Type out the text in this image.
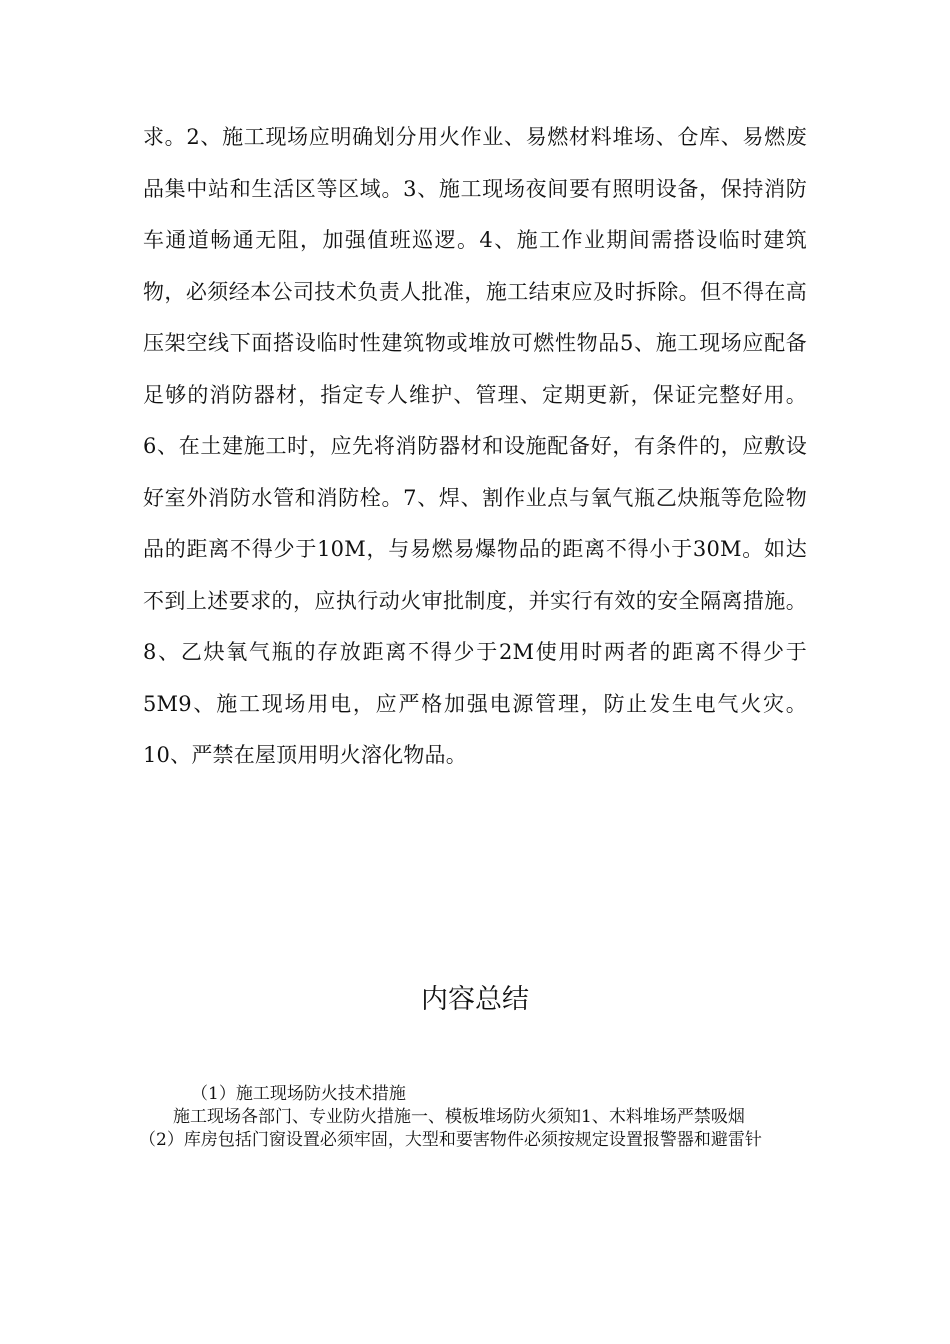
求。2、施工现场应明确划分用火作业、易燃材料堆场、仓库、易燃废品集中站和生活区等区域。3、施工现场夜间要有照明设备，保持消防车通道畅通无阻，加强值班巡逻。4、施工作业期间需搭设临时建筑物，必须经本公司技术负责人批准，施工结束应及时拆除。但不得在高压架空线下面搭设临时性建筑物或堆放可燃性物品5、施工现场应配备足够的消防器材，指定专人维护、管理、定期更新，保证完整好用。6、在土建施工时，应先将消防器材和设施配备好，有条件的，应敷设好室外消防水管和消防栓。7、焊、割作业点与氧气瓶乙炔瓶等危险物品的距离不得少于10M，与易燃易爆物品的距离不得小于30M。如达不到上述要求的，应执行动火审批制度，并实行有效的安全隔离措施。8、乙炔氧气瓶的存放距离不得少于2M使用时两者的距离不得少于5M9、施工现场用电，应严格加强电源管理，防止发生电气火灾。10、严禁在屋顶用明火溶化物品。

内容总结

（1）施工现场防火技术措施

施工现场各部门、专业防火措施一、模板堆场防火须知1、木料堆场严禁吸烟

（2）库房包括门窗设置必须牢固，大型和要害物件必须按规定设置报警器和避雷针
